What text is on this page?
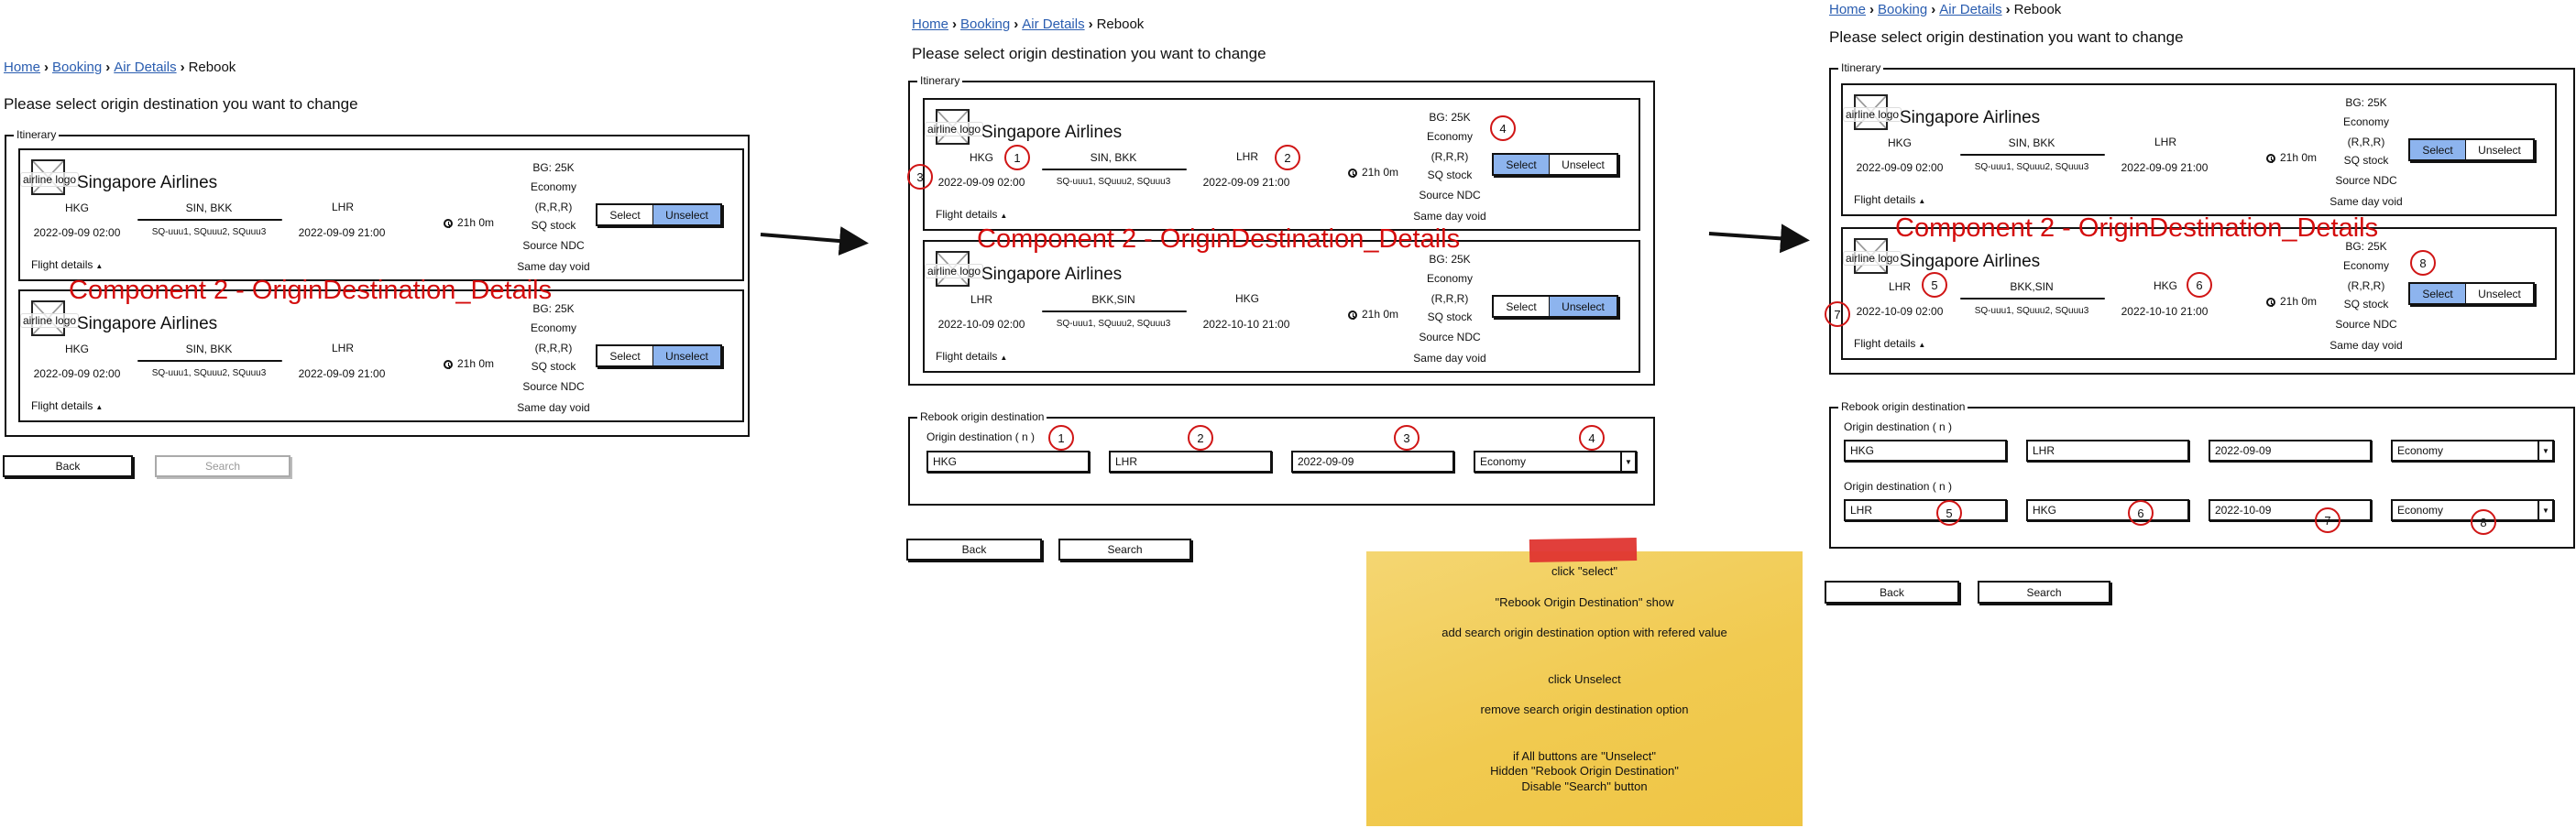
Home › Booking › Air Details › Rebook
Please select origin destination you want to change
Itinerary
airline logo Singapore Airlines
HKG	SIN, BKK	LHR
2022-09-09 02:00	SQ-uuu1, SQuuu2, SQuuu3	2022-09-09 21:00
21h 0m
BG: 25K
Economy
(R,R,R)
SQ stock
Source NDC
Same day void
Select	Unselect
Flight details ▲
airline logo Singapore Airlines
HKG	SIN, BKK	LHR
2022-09-09 02:00	SQ-uuu1, SQuuu2, SQuuu3	2022-09-09 21:00
21h 0m
BG: 25K
Economy
(R,R,R)
SQ stock
Source NDC
Same day void
Select	Unselect
Flight details ▲
Component 2 - OriginDestination_Details
Back	Search
Home › Booking › Air Details › Rebook
Please select origin destination you want to change
Itinerary
airline logo Singapore Airlines
HKG	SIN, BKK	LHR
2022-09-09 02:00	SQ-uuu1, SQuuu2, SQuuu3	2022-09-09 21:00
21h 0m
BG: 25K
Economy
(R,R,R)
SQ stock
Source NDC
Same day void
Select	Unselect
Flight details ▲
airline logo Singapore Airlines
LHR	BKK,SIN	HKG
2022-10-09 02:00	SQ-uuu1, SQuuu2, SQuuu3	2022-10-10 21:00
21h 0m
BG: 25K
Economy
(R,R,R)
SQ stock
Source NDC
Same day void
Select	Unselect
Flight details ▲
Component 2 - OriginDestination_Details
Rebook origin destination
Origin destination ( n )
HKG	LHR	2022-09-09	Economy	▼
Back	Search
1	2
3
4
1	2	3	4
Home › Booking › Air Details › Rebook
Please select origin destination you want to change
Itinerary
airline logo Singapore Airlines
HKG	SIN, BKK	LHR
2022-09-09 02:00	SQ-uuu1, SQuuu2, SQuuu3	2022-09-09 21:00
21h 0m
BG: 25K
Economy
(R,R,R)
SQ stock
Source NDC
Same day void
Select	Unselect
Flight details ▲
airline logo Singapore Airlines
LHR	BKK,SIN	HKG
2022-10-09 02:00	SQ-uuu1, SQuuu2, SQuuu3	2022-10-10 21:00
21h 0m
BG: 25K
Economy
(R,R,R)
SQ stock
Source NDC
Same day void
Select	Unselect
Flight details ▲
Component 2 - OriginDestination_Details
Rebook origin destination
Origin destination ( n )
HKG	LHR	2022-09-09	Economy	▼
Origin destination ( n )
LHR	HKG	2022-10-09	Economy	▼
Back	Search
5	6
7
8
5	6
7	8
click "select"
"Rebook Origin Destination" show
add search origin destination option with refered value
click Unselect
remove search origin destination option
if All buttons are "Unselect"
Hidden "Rebook Origin Destination"
Disable "Search" button
